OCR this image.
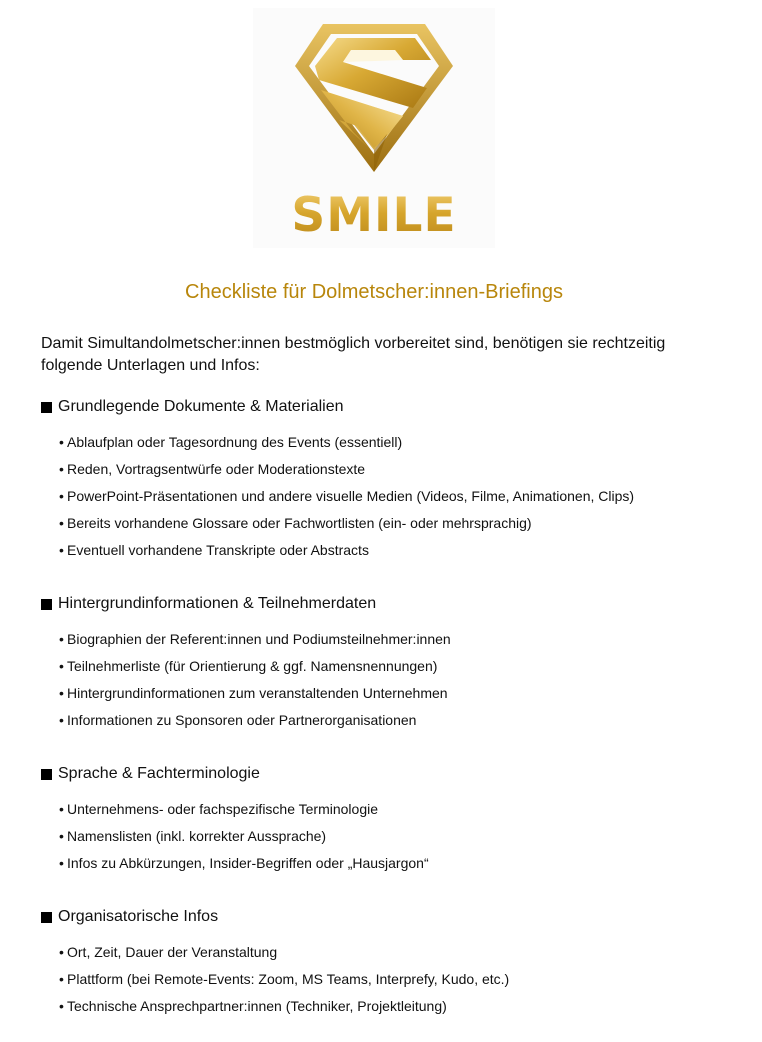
SMILE
Checkliste für Dolmetscher:innen-Briefings
Damit Simultandolmetscher:innen bestmöglich vorbereitet sind, benötigen sie rechtzeitig folgende Unterlagen und Infos:
Grundlegende Dokumente & Materialien
• Ablaufplan oder Tagesordnung des Events (essentiell)
• Reden, Vortragsentwürfe oder Moderationstexte
• PowerPoint-Präsentationen und andere visuelle Medien (Videos, Filme, Animationen, Clips)
• Bereits vorhandene Glossare oder Fachwortlisten (ein- oder mehrsprachig)
• Eventuell vorhandene Transkripte oder Abstracts
Hintergrundinformationen & Teilnehmerdaten
• Biographien der Referent:innen und Podiumsteilnehmer:innen
• Teilnehmerliste (für Orientierung & ggf. Namensnennungen)
• Hintergrundinformationen zum veranstaltenden Unternehmen
• Informationen zu Sponsoren oder Partnerorganisationen
Sprache & Fachterminologie
• Unternehmens- oder fachspezifische Terminologie
• Namenslisten (inkl. korrekter Aussprache)
• Infos zu Abkürzungen, Insider-Begriffen oder „Hausjargon“
Organisatorische Infos
• Ort, Zeit, Dauer der Veranstaltung
• Plattform (bei Remote-Events: Zoom, MS Teams, Interprefy, Kudo, etc.)
• Technische Ansprechpartner:innen (Techniker, Projektleitung)
